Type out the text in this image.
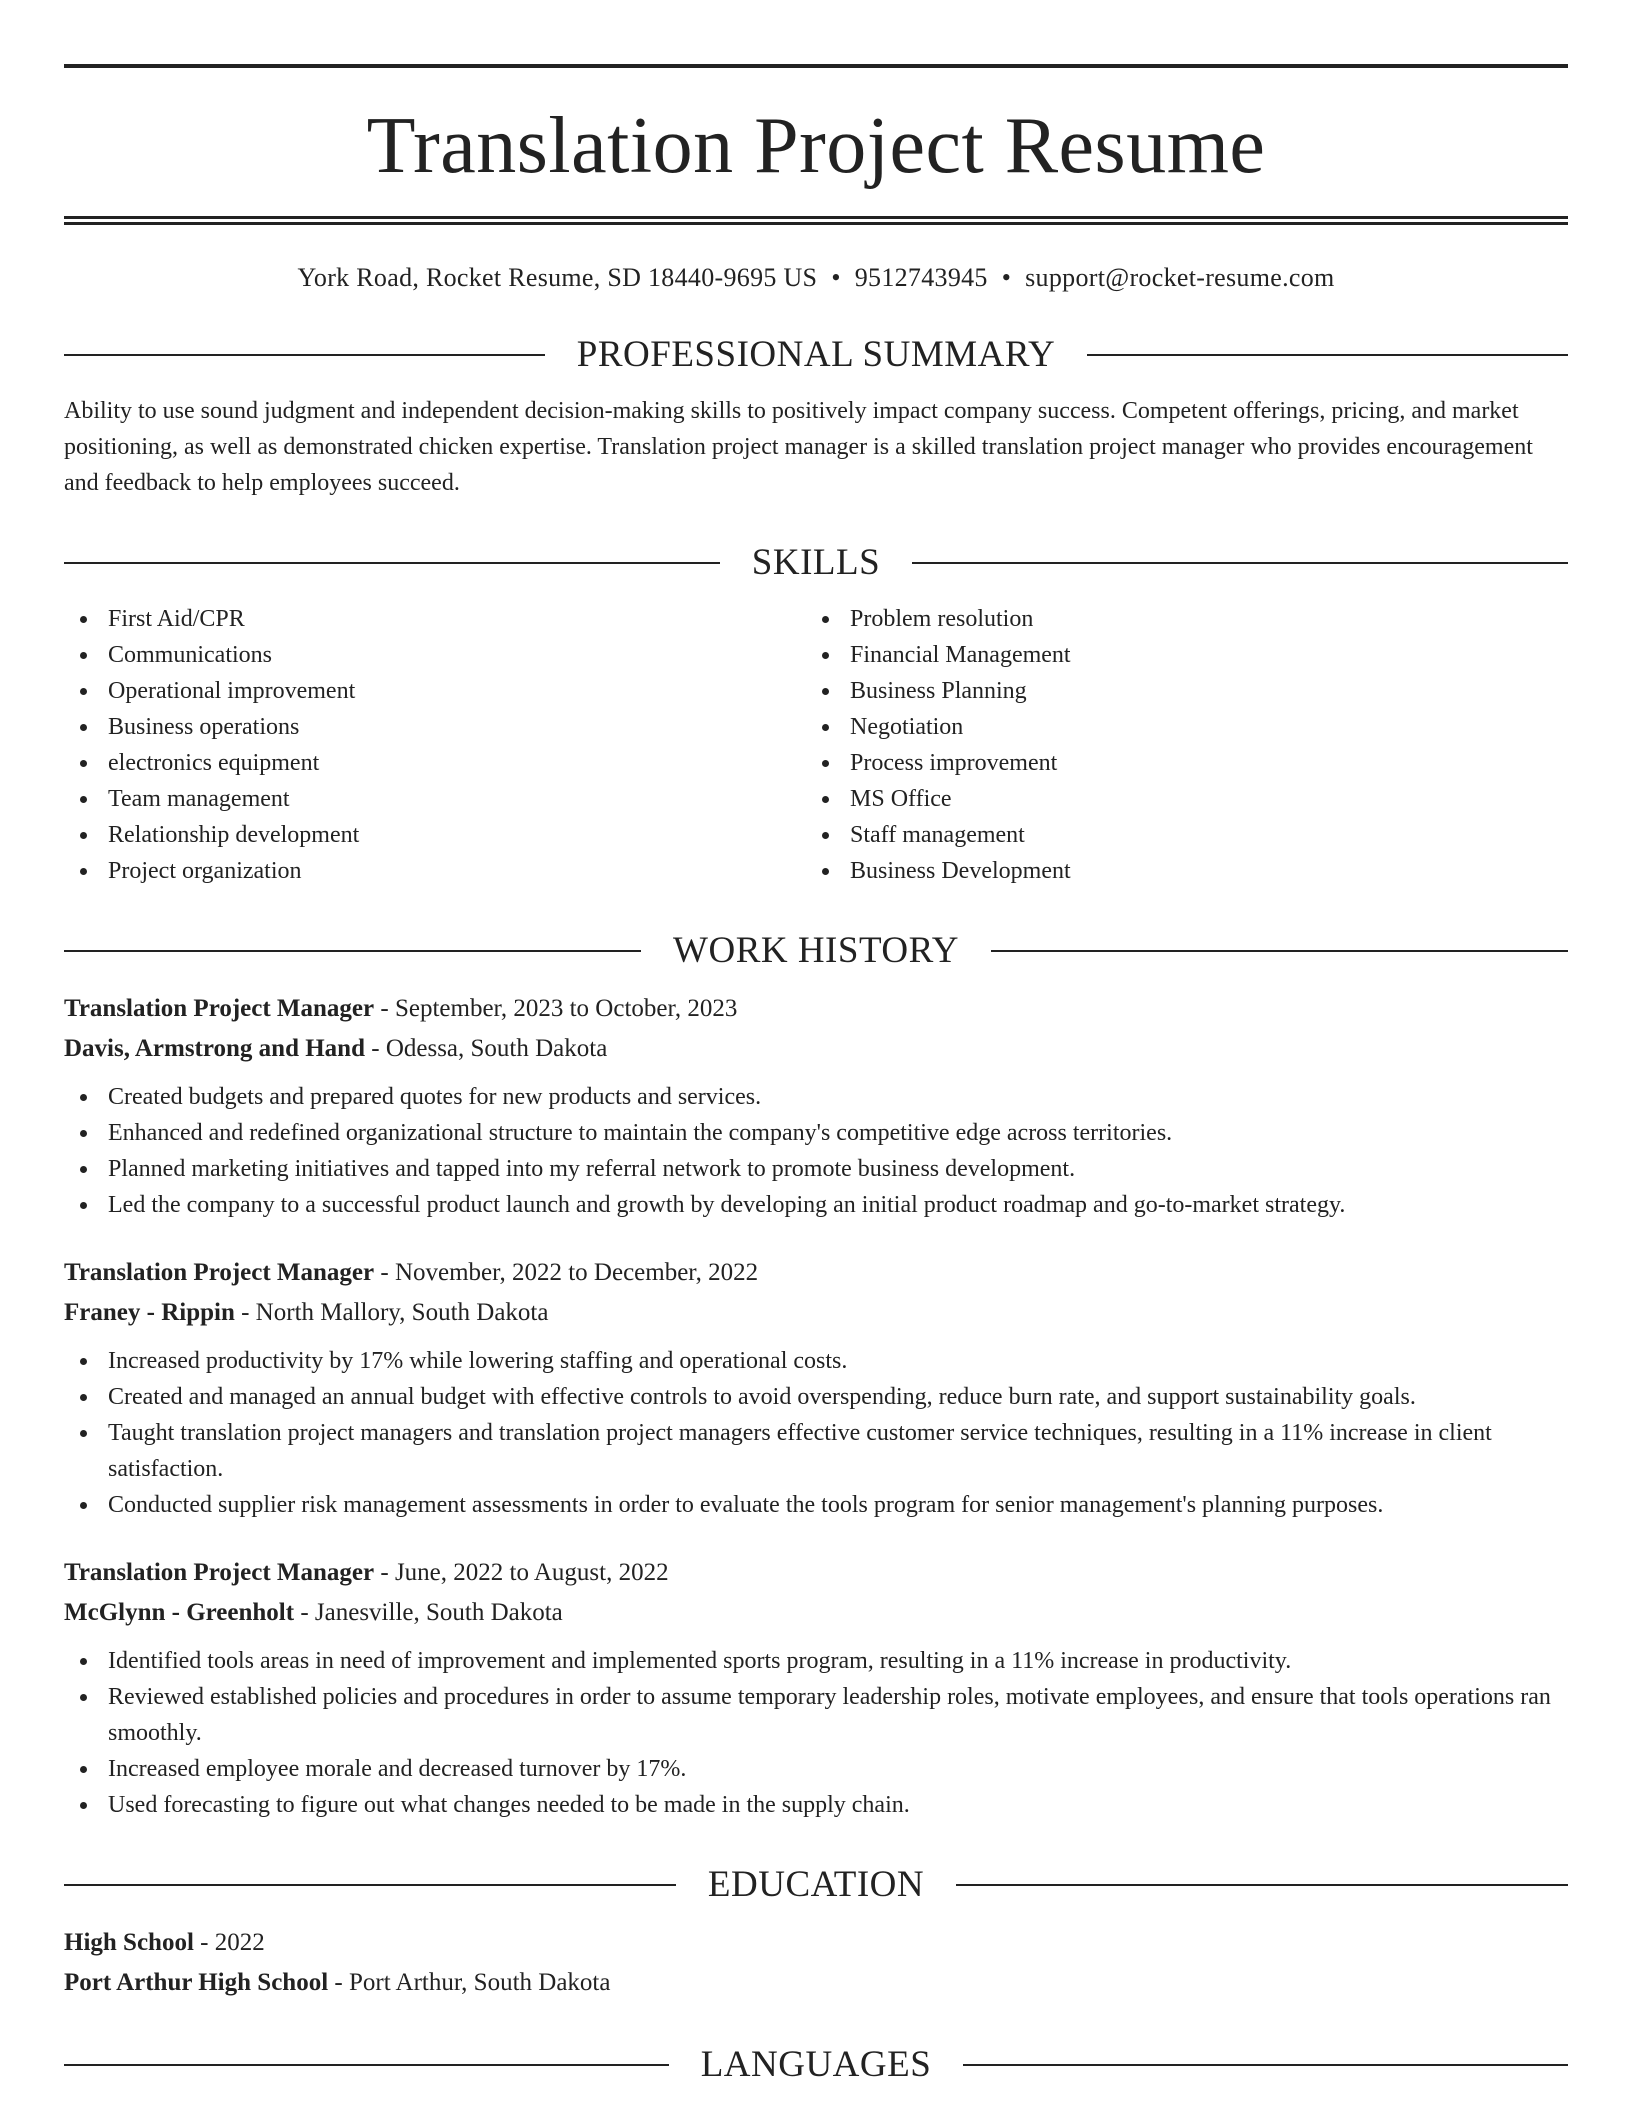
Translation Project Resume
York Road, Rocket Resume, SD 18440-9695 US • 9512743945 • support@rocket-resume.com
PROFESSIONAL SUMMARY
Ability to use sound judgment and independent decision-making skills to positively impact company success. Competent offerings, pricing, and market positioning, as well as demonstrated chicken expertise. Translation project manager is a skilled translation project manager who provides encouragement and feedback to help employees succeed.
SKILLS
First Aid/CPR
Communications
Operational improvement
Business operations
electronics equipment
Team management
Relationship development
Project organization
Problem resolution
Financial Management
Business Planning
Negotiation
Process improvement
MS Office
Staff management
Business Development
WORK HISTORY
Translation Project Manager - September, 2023 to October, 2023
Davis, Armstrong and Hand - Odessa, South Dakota
Created budgets and prepared quotes for new products and services.
Enhanced and redefined organizational structure to maintain the company's competitive edge across territories.
Planned marketing initiatives and tapped into my referral network to promote business development.
Led the company to a successful product launch and growth by developing an initial product roadmap and go-to-market strategy.
Translation Project Manager - November, 2022 to December, 2022
Franey - Rippin - North Mallory, South Dakota
Increased productivity by 17% while lowering staffing and operational costs.
Created and managed an annual budget with effective controls to avoid overspending, reduce burn rate, and support sustainability goals.
Taught translation project managers and translation project managers effective customer service techniques, resulting in a 11% increase in client satisfaction.
Conducted supplier risk management assessments in order to evaluate the tools program for senior management's planning purposes.
Translation Project Manager - June, 2022 to August, 2022
McGlynn - Greenholt - Janesville, South Dakota
Identified tools areas in need of improvement and implemented sports program, resulting in a 11% increase in productivity.
Reviewed established policies and procedures in order to assume temporary leadership roles, motivate employees, and ensure that tools operations ran smoothly.
Increased employee morale and decreased turnover by 17%.
Used forecasting to figure out what changes needed to be made in the supply chain.
EDUCATION
High School - 2022
Port Arthur High School - Port Arthur, South Dakota
LANGUAGES
